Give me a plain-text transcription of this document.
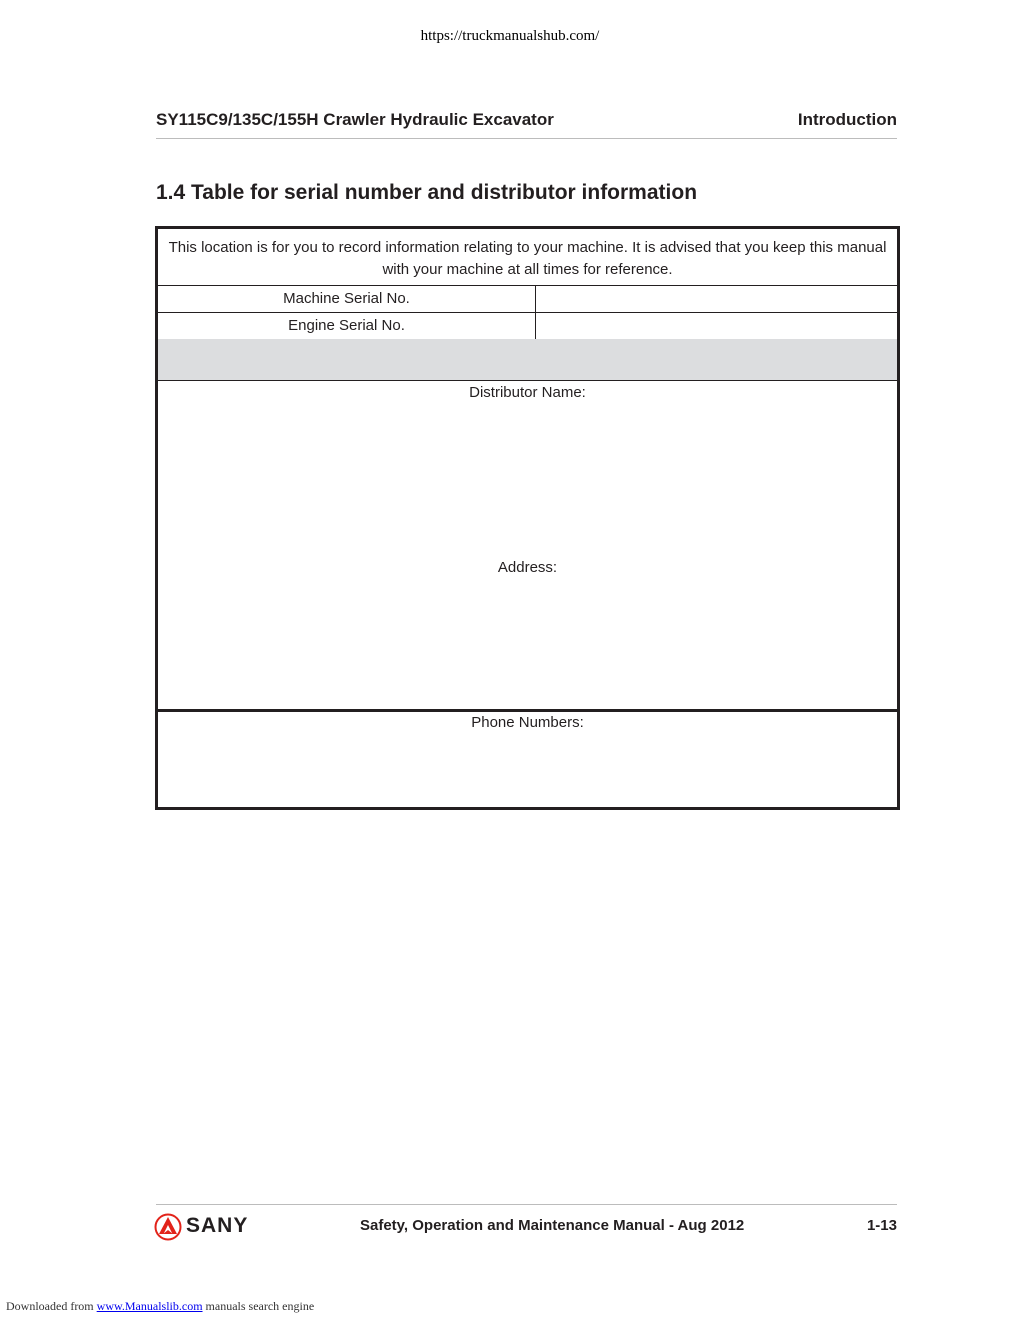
https://truckmanualshub.com/
SY115C9/135C/155H Crawler Hydraulic Excavator	Introduction
1.4 Table for serial number and distributor information
This location is for you to record information relating to your machine. It is advised that you keep this manual with your machine at all times for reference.
Machine Serial No.
Engine Serial No.
Distributor Name:
Address:
Phone Numbers:
SANY	Safety, Operation and Maintenance Manual - Aug 2012	1-13
Downloaded from www.Manualslib.com manuals search engine
